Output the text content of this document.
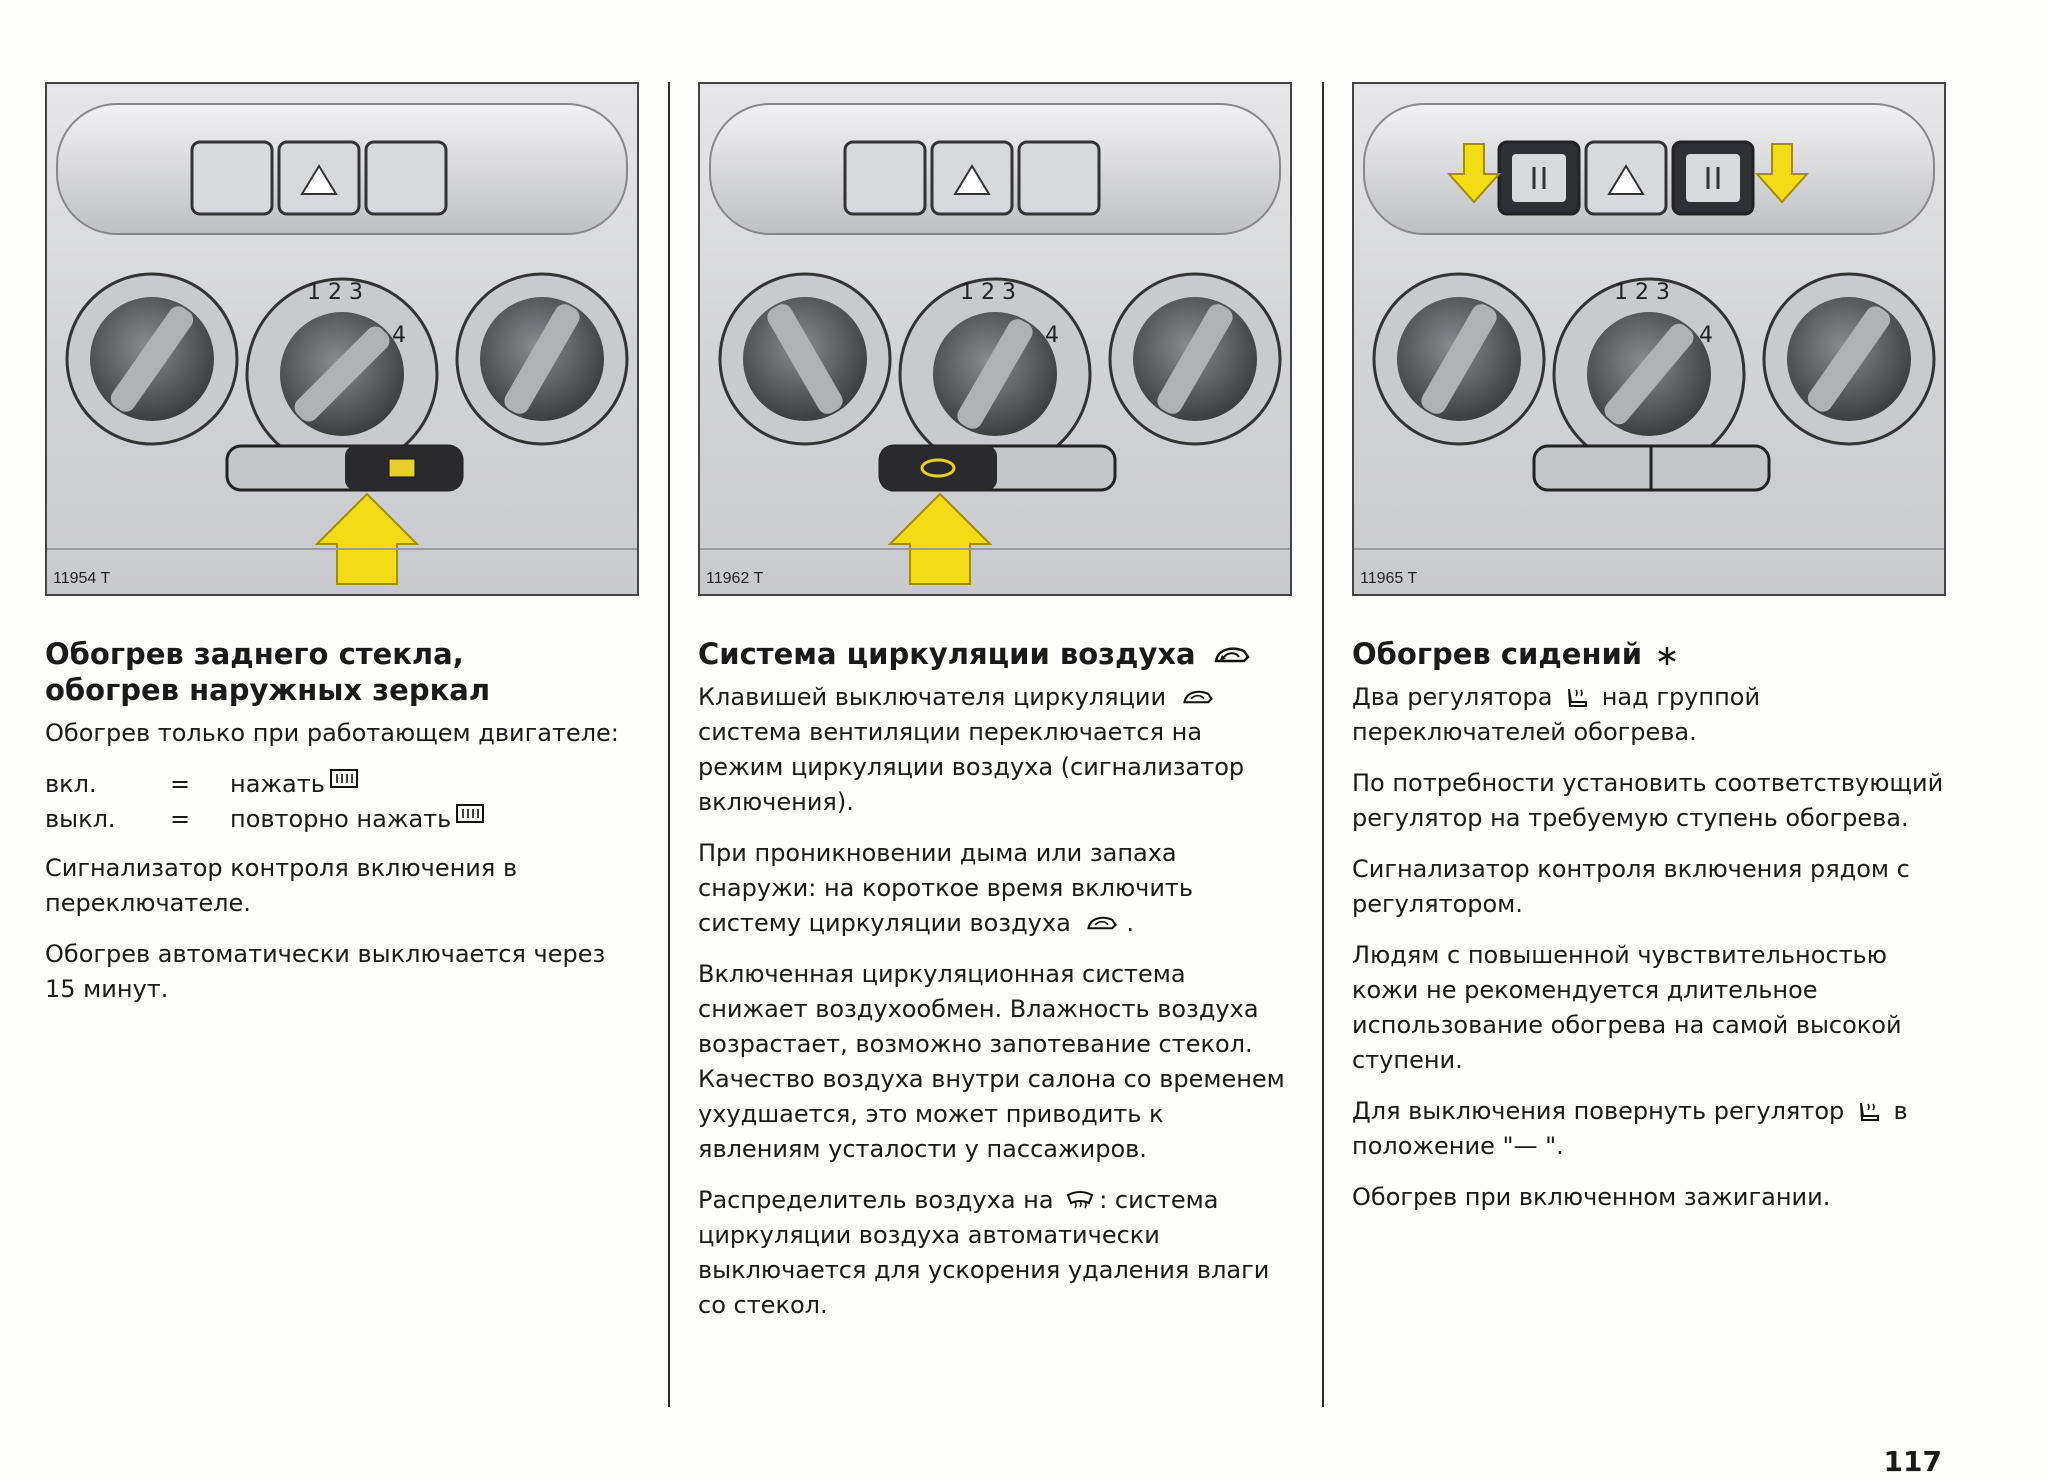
1 2 3
4
11954 T
Обогрев заднего стекла,
обогрев наружных зеркал

Обогрев только при работающем двигателе:

вкл.	=	нажать
выкл.	=	повторно нажать

Сигнализатор контроля включения в переключателе.

Обогрев автоматически выключается через 15 минут.

1 2 3
4
11962 T
Система циркуляции воздуха

Клавишей выключателя циркуляции  система вентиляции переключается на режим циркуляции воздуха (сигнализатор включения).

При проникновении дыма или запаха снаружи: на короткое время включить систему циркуляции воздуха .

Включенная циркуляционная система снижает воздухообмен. Влажность воздуха возрастает, возможно запотевание стекол. Качество воздуха внутри салона со временем ухудшается, это может приводить к явлениям усталости у пассажиров.

Распределитель воздуха на : система циркуляции воздуха автоматически выключается для ускорения удаления влаги со стекол.

1 2 3
4
11965 T
Обогрев сидений

Два регулятора над группой переключателей обогрева.

По потребности установить соответствующий регулятор на требуемую ступень обогрева.

Сигнализатор контроля включения рядом с регулятором.

Людям с повышенной чувствительностью кожи не рекомендуется длительное использование обогрева на самой высокой ступени.

Для выключения повернуть регулятор в положение "— ".

Обогрев при включенном зажигании.

117
